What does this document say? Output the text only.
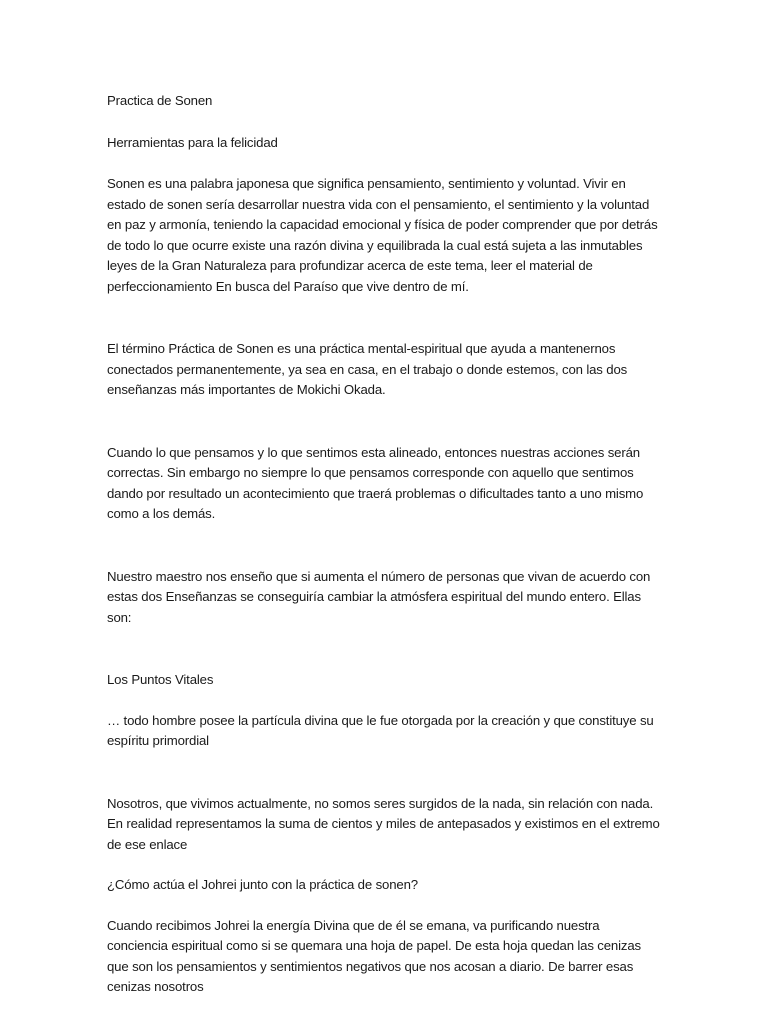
Practica de Sonen

Herramientas para la felicidad

Sonen es una palabra japonesa que significa pensamiento, sentimiento y voluntad. Vivir en estado de sonen sería desarrollar nuestra vida con el pensamiento, el sentimiento y la voluntad en paz y armonía, teniendo la capacidad emocional y física de poder comprender que por detrás de todo lo que ocurre existe una razón divina y equilibrada la cual está sujeta a las inmutables leyes de la Gran Naturaleza para profundizar acerca de este tema, leer el material de perfeccionamiento En busca del Paraíso que vive dentro de mí.

El término Práctica de Sonen es una práctica mental-espiritual que ayuda a mantenernos conectados permanentemente, ya sea en casa, en el trabajo o donde estemos, con las dos enseñanzas más importantes de Mokichi Okada.

Cuando lo que pensamos y lo que sentimos esta alineado, entonces nuestras acciones serán correctas. Sin embargo no siempre lo que pensamos corresponde con aquello que sentimos dando por resultado un acontecimiento que traerá problemas o dificultades tanto a uno mismo como a los demás.

Nuestro maestro nos enseño que si aumenta el número de personas que vivan de acuerdo con estas dos Enseñanzas se conseguiría cambiar la atmósfera espiritual del mundo entero. Ellas son:

Los Puntos Vitales

… todo hombre posee la partícula divina que le fue otorgada por la creación y que constituye su espíritu primordial

Nosotros, que vivimos actualmente, no somos seres surgidos de la nada, sin relación con nada. En realidad representamos la suma de cientos y miles de antepasados y existimos en el extremo de ese enlace

¿Cómo actúa el Johrei junto con la práctica de sonen?

Cuando recibimos Johrei la energía Divina que de él se emana, va purificando nuestra conciencia espiritual como si se quemara una hoja de papel. De esta hoja quedan las cenizas que son los pensamientos y sentimientos negativos que nos acosan a diario. De barrer esas cenizas nosotros
